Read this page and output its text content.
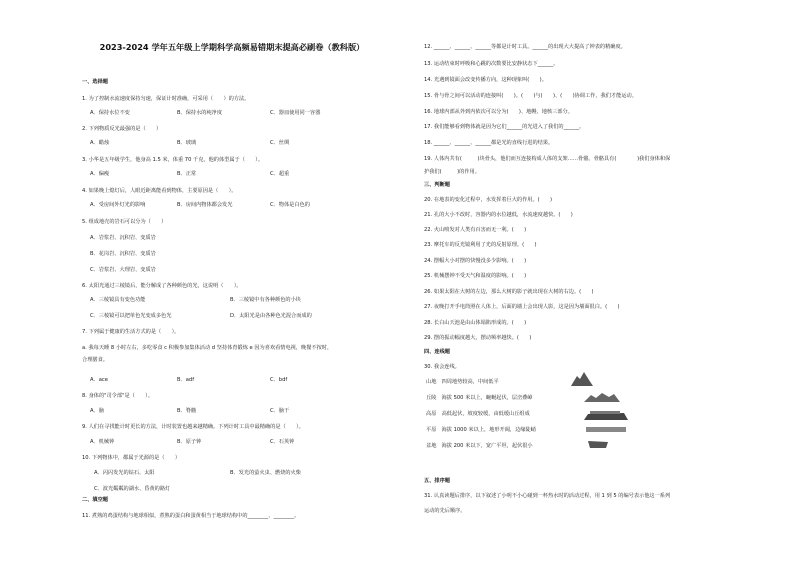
2023-2024 学年五年级上学期科学高频易错期末提高必刷卷（教科版）
一、选择题
1. 为了控制水流速度保持匀速，保证计时准确，可采用（　　）的方法。
A．保持水位不变	B．保持水的纯净度	C．器皿使用同一容器
2. 下列物质反光最强的是（　　）
A．蜡烛	B．玻璃	C．丝绸
3. 小华是五年级学生，他身高 1.5 米，体重 70 千克，他的体型属于（　　）。
A．偏瘦	B．正常	C．超重
4. 如果晚上熄灯后，人眼近距离能看到物体，主要原因是（　　）。
A．受房间外灯光的影响	B．房间内物体都会发光	C．物体是白色的
5. 组成地壳的岩石可以分为（　　）
A．岩浆岩、沉积岩、变质岩
B．花岗岩、沉积岩、变质岩
C．岩浆岩、大理岩、变质岩
6. 太阳光通过三棱镜后，能分解成了各种颜色的光，这说明（　　）。
A．三棱镜具有变色功能	B．三棱镜中有各种颜色的小块
C．三棱镜可以把单色光变成多色光	D．太阳光是由各种色光混合而成的
7. 下列属于健康的生活方式的是（　　）。
a. 我每天睡 8 小时左右，多吃零食 c 积极参加集体活动 d 坚持体育锻炼 e 因为喜欢看情电视，晚餐不按时，
合理膳食。
A．ace	B．adf	C．bdf
8. 身体的"司令部"是（　　）。
A．脑	B．脊髓	C．脑干
9. 人们在寻找能计时更长的方法，计时装置也越来越精确。下列计时工具中最精确的是（　　）。
A．机械钟	B．原子钟	C．石英钟
10. 下列物体中，都属于光源的是（　　）
A．闪闪发光的钻石、太阳	B．发光的萤火虫、燃烧的火柴
C．波光粼粼的湖水、昏黄的路灯
二、填空题
11. 煮熟的鸡蛋结构与地球相似，煮熟的蛋白和蛋黄相当于地球结构中的________、________。
12. ______、______、______等都是计时工具。______的出现大大提高了钟表的精确度。
13. 运动结束时呼吸和心跳的次数要比安静状态下______。
14. 光遇到镜面会改变传播方向，这种现象叫(　　)。
15. 骨与骨之间可以活动的连接叫(　　)。(　　)与(　　)、(　　)协调工作，我们才能运动。
16. 地球内部从外到内依次可以分为(　　)、地幔、地核三部分。
17. 我们能够看到物体就是因为它们______的光进入了我们的______。
18. ______、______、______都是光的直线行进的结果。
19. 人体内共有(　　　)块骨头，他们而互连接构成人体的支架……骨骼。骨骼具有(　　　　)我们身体和保
护我们(　　　)的作用。
三、判断题
20. 在地表的变化过程中，水发挥着巨大的作用。(　　)
21. 孔的大小不改时，容器内的水位越低，水流速度越快。(　　)
22. 火山喷发对人类有百害而无一利。(　　)
23. 摩托车的反光镜利用了光的反射原理。(　　)
24. 摆幅大小对摆的快慢没多少影响。(　　)
25. 机械摆钟不受天气和温度的影响。(　　)
26. 如果太阳在大树的左边，那么大树的影子就出现在大树的右边。(　　)
27. 夜晚打开手电筒照在人体上，后面的墙上会出现人影，这是因为墙面很白。(　　)
28. 长白山天池是由山体塌陷形成的。(　　)
29. 摆的振动幅度越大，摆动频率越快。(　　)
四、连线题
30. 我会连线。
山地　四周地势较高，中间低平
丘陵　海拔 500 米以上，蜿蜒起伏，层峦叠嶂
高原　高低起伏，坡度较缓，由低缓山丘组成
平原　海拔 1000 米以上，地形开阔，边缘陡峭
盆地　海拔 200 米以下，宽广平坦，起伏很小
五、排序题
31. 认真读题后排序，以下叙述了小明不小心碰到一杯热水时的活动过程，用 1 到 5 的编号表示他这一系列
运动的先后顺序。
